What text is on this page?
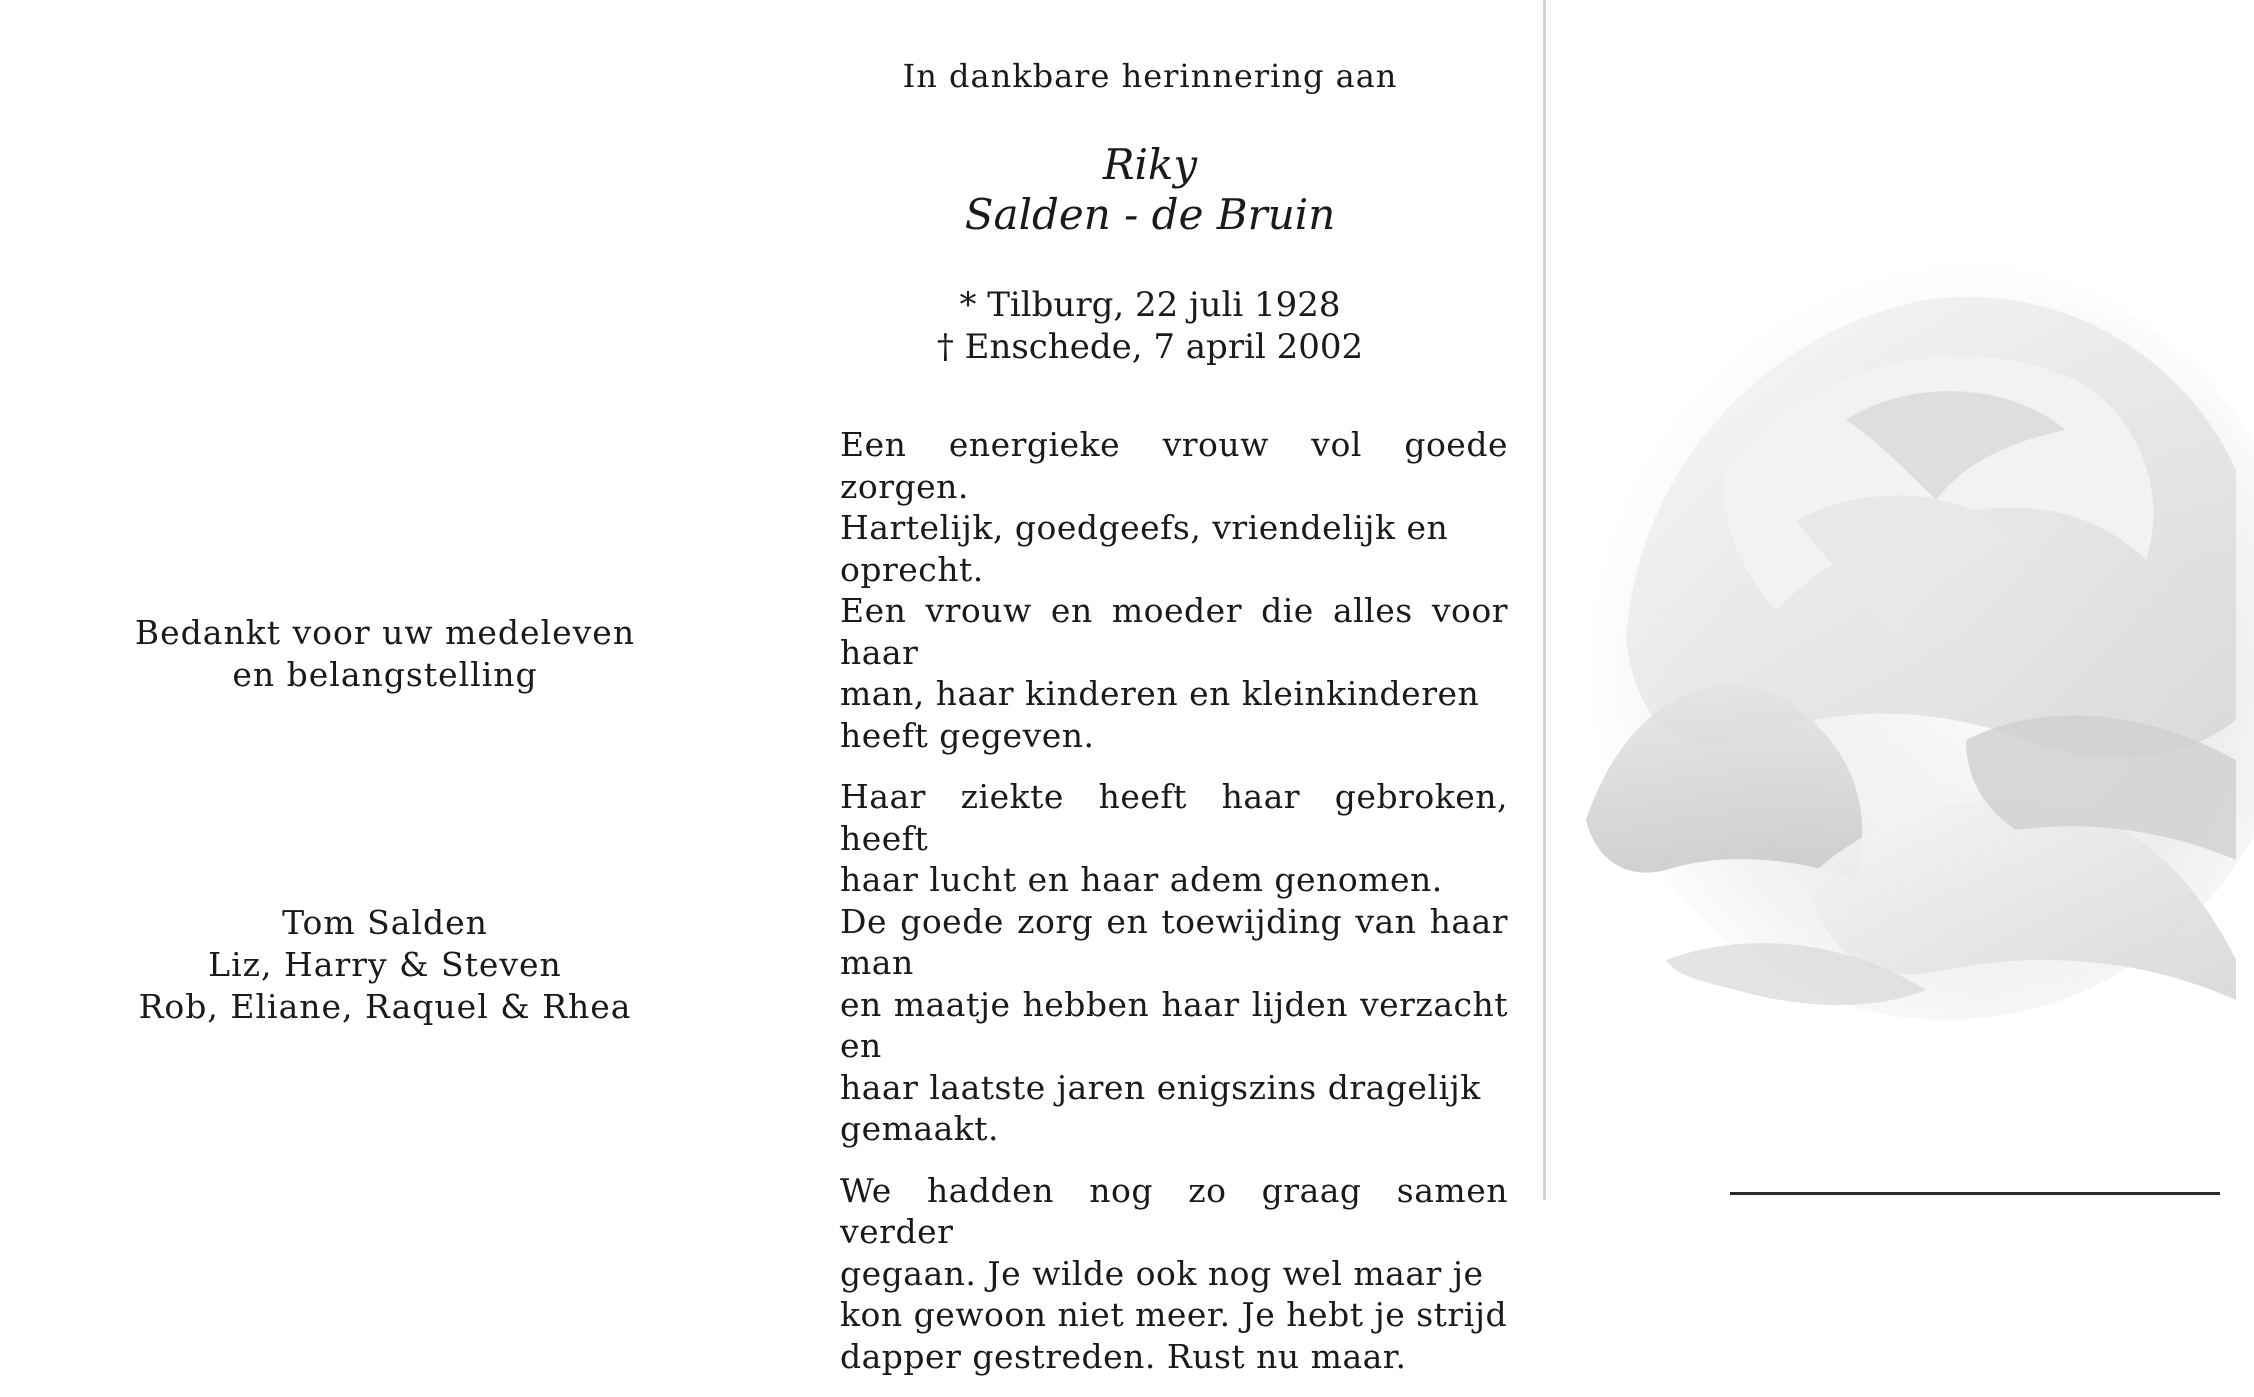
Bedankt voor uw medeleven
en belangstelling
Tom Salden
Liz, Harry & Steven
Rob, Eliane, Raquel & Rhea
In dankbare herinnering aan
Riky
Salden - de Bruin
* Tilburg, 22 juli 1928
† Enschede, 7 april 2002

Een energieke vrouw vol goede zorgen.
Hartelijk, goedgeefs, vriendelijk en
oprecht.
Een vrouw en moeder die alles voor haar
man, haar kinderen en kleinkinderen
heeft gegeven.

Haar ziekte heeft haar gebroken, heeft
haar lucht en haar adem genomen.
De goede zorg en toewijding van haar man
en maatje hebben haar lijden verzacht en
haar laatste jaren enigszins dragelijk
gemaakt.

We hadden nog zo graag samen verder
gegaan. Je wilde ook nog wel maar je
kon gewoon niet meer. Je hebt je strijd
dapper gestreden. Rust nu maar.
